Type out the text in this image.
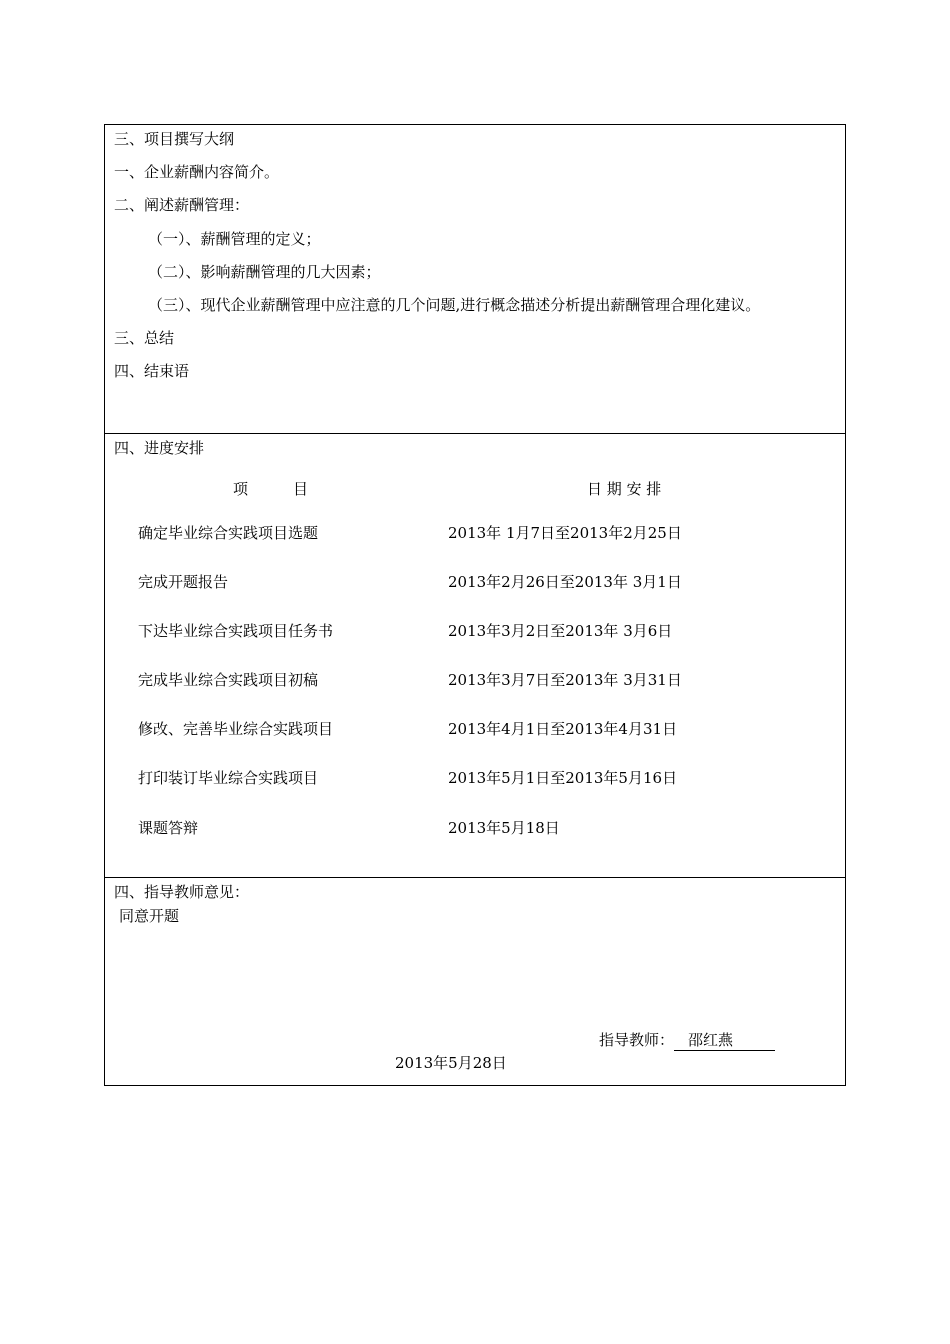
三、项目撰写大纲
一、企业薪酬内容简介。
二、阐述薪酬管理：
（一）、薪酬管理的定义；
（二）、影响薪酬管理的几大因素；
（三）、现代企业薪酬管理中应注意的几个问题,进行概念描述分析提出薪酬管理合理化建议。
三、总结
四、结束语
四、进度安排
项　　　目	日 期 安 排
确定毕业综合实践项目选题	2013年 1月7日至2013年2月25日
完成开题报告	2013年2月26日至2013年 3月1日
下达毕业综合实践项目任务书	2013年3月2日至2013年 3月6日
完成毕业综合实践项目初稿	2013年3月7日至2013年 3月31日
修改、完善毕业综合实践项目	2013年4月1日至2013年4月31日
打印装订毕业综合实践项目	2013年5月1日至2013年5月16日
课题答辩	2013年5月18日
四、指导教师意见：
同意开题
指导教师： 邵红燕
2013年5月28日
